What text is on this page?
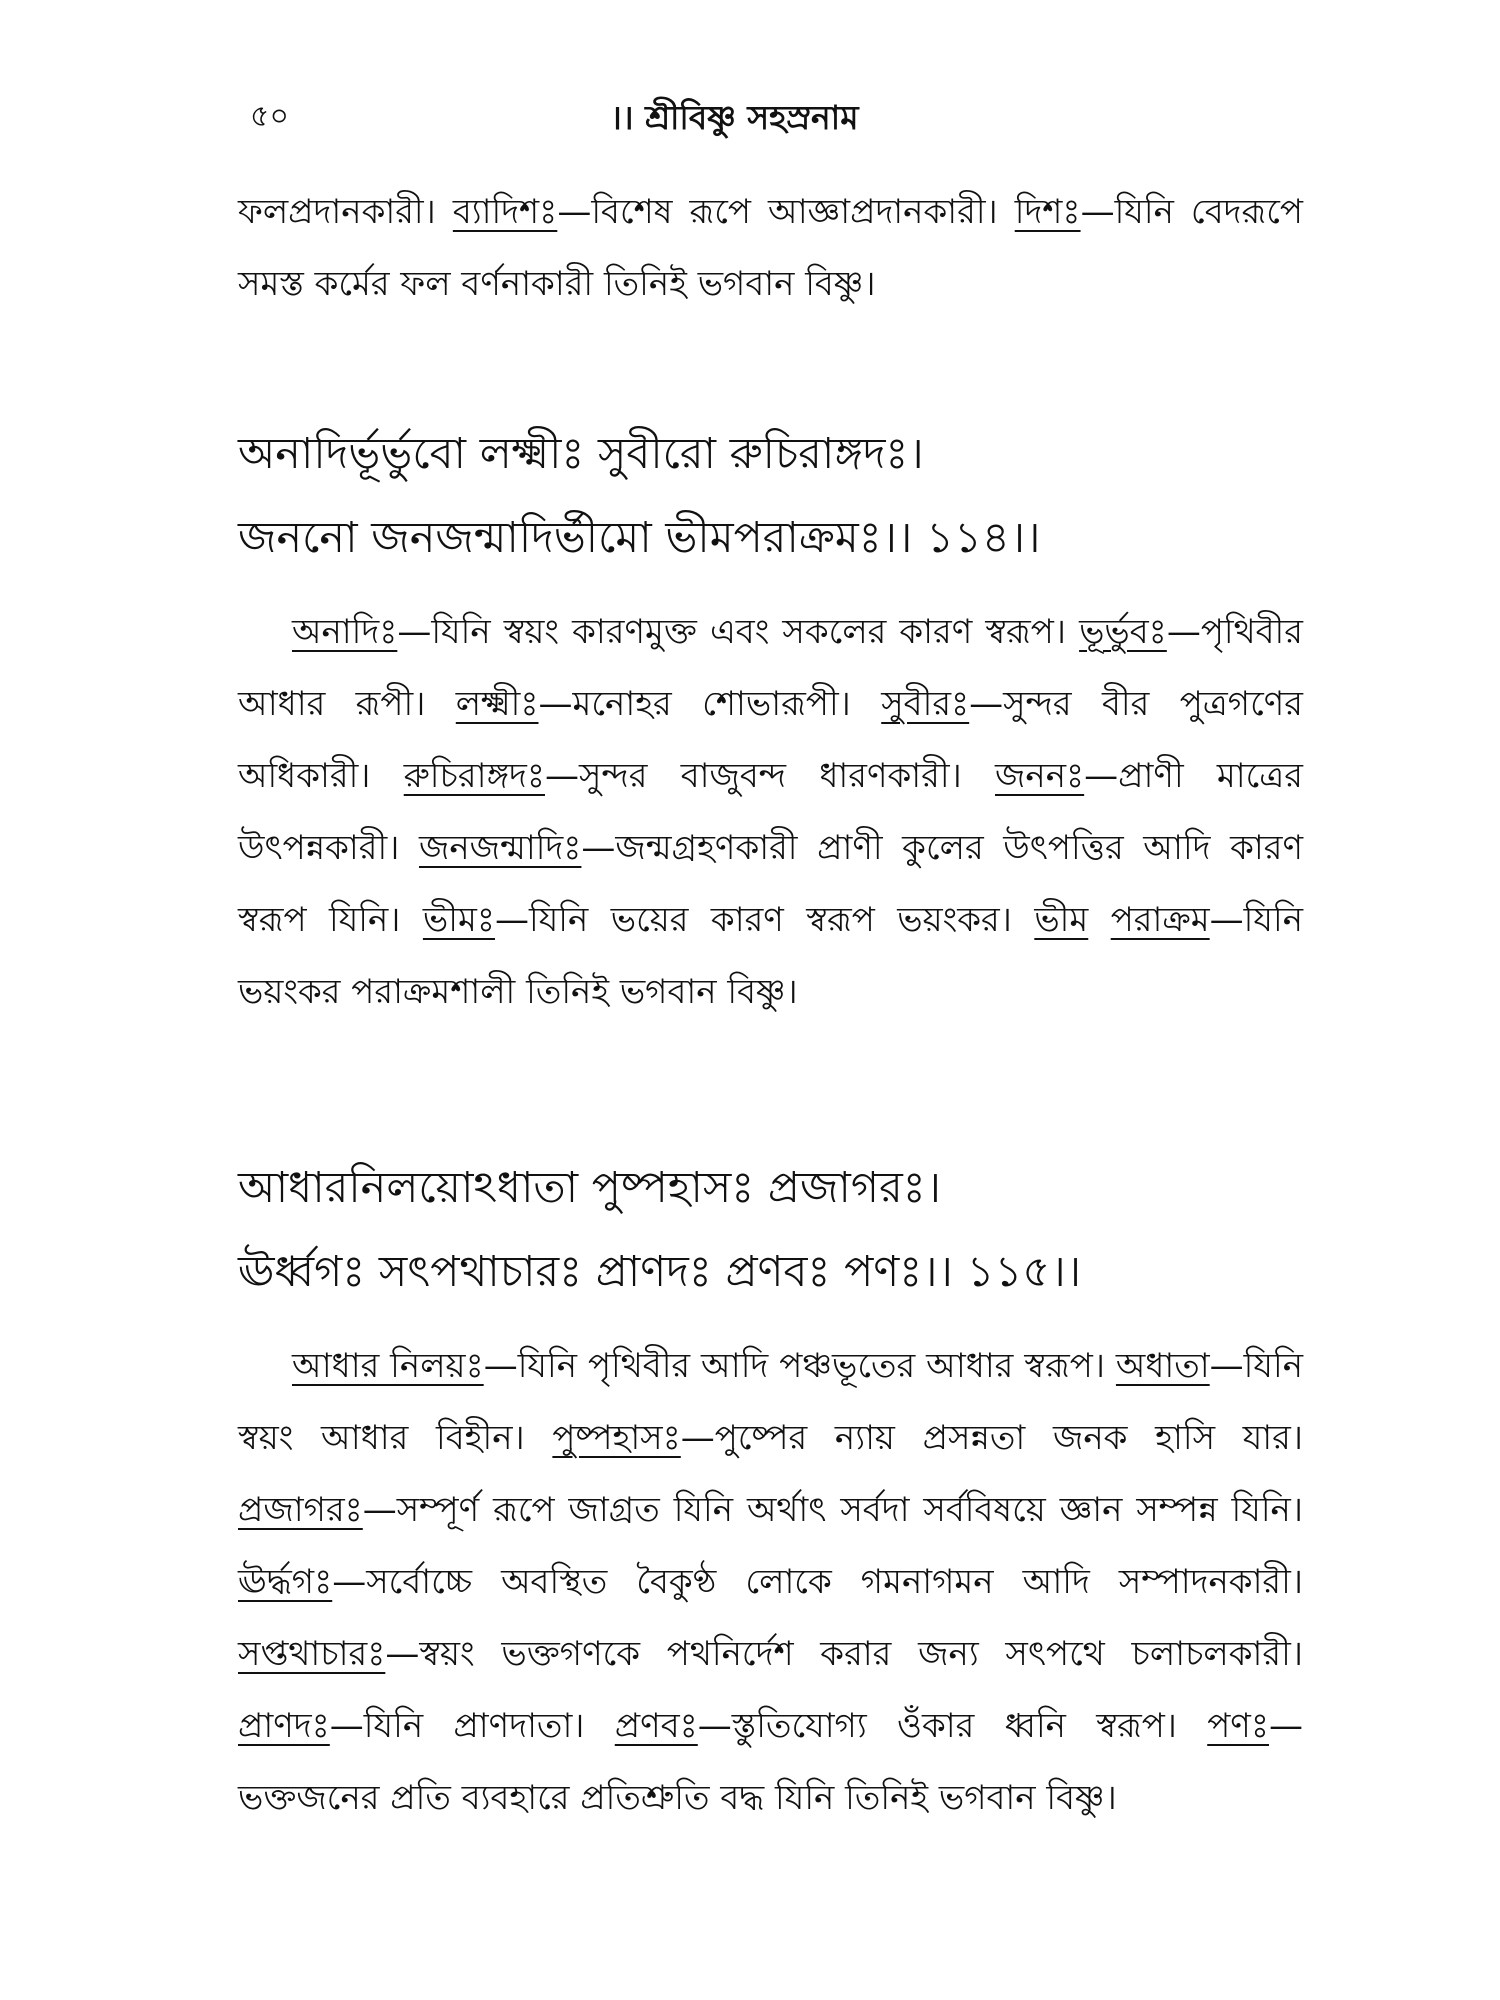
৫০	।। শ্রীবিষ্ণু সহস্রনাম

ফলপ্রদানকারী। ব্যাদিশঃ—বিশেষ রূপে আজ্ঞাপ্রদানকারী। দিশঃ—যিনি বেদরূপে সমস্ত কর্মের ফল বর্ণনাকারী তিনিই ভগবান বিষ্ণু।

অনাদির্ভূর্ভুবো লক্ষ্মীঃ সুবীরো রুচিরাঙ্গদঃ।

জননো জনজন্মাদির্ভীমো ভীমপরাক্রমঃ।। ১১৪।।

অনাদিঃ—যিনি স্বয়ং কারণমুক্ত এবং সকলের কারণ স্বরূপ। ভূর্ভুবঃ—পৃথিবীর আধার রূপী। লক্ষ্মীঃ—মনোহর শোভারূপী। সুবীরঃ—সুন্দর বীর পুত্রগণের অধিকারী। রুচিরাঙ্গদঃ—সুন্দর বাজুবন্দ ধারণকারী। জননঃ—প্রাণী মাত্রের উৎপন্নকারী। জনজন্মাদিঃ—জন্মগ্রহণকারী প্রাণী কুলের উৎপত্তির আদি কারণ স্বরূপ যিনি। ভীমঃ—যিনি ভয়ের কারণ স্বরূপ ভয়ংকর। ভীম পরাক্রম—যিনি ভয়ংকর পরাক্রমশালী তিনিই ভগবান বিষ্ণু।

আধারনিলয়োঽধাতা পুষ্পহাসঃ প্রজাগরঃ।

ঊর্ধ্বগঃ সৎপথাচারঃ প্রাণদঃ প্রণবঃ পণঃ।। ১১৫।।

আধার নিলয়ঃ—যিনি পৃথিবীর আদি পঞ্চভূতের আধার স্বরূপ। অধাতা—যিনি স্বয়ং আধার বিহীন। পুষ্পহাসঃ—পুষ্পের ন্যায় প্রসন্নতা জনক হাসি যার। প্রজাগরঃ—সম্পূর্ণ রূপে জাগ্রত যিনি অর্থাৎ সর্বদা সর্ববিষয়ে জ্ঞান সম্পন্ন যিনি। ঊর্দ্ধগঃ—সর্বোচ্চে অবস্থিত বৈকুণ্ঠ লোকে গমনাগমন আদি সম্পাদনকারী। সপ্তথাচারঃ—স্বয়ং ভক্তগণকে পথনির্দেশ করার জন্য সৎপথে চলাচলকারী। প্রাণদঃ—যিনি প্রাণদাতা। প্রণবঃ—স্তুতিযোগ্য ওঁকার ধ্বনি স্বরূপ। পণঃ—ভক্তজনের প্রতি ব্যবহারে প্রতিশ্রুতি বদ্ধ যিনি তিনিই ভগবান বিষ্ণু।
